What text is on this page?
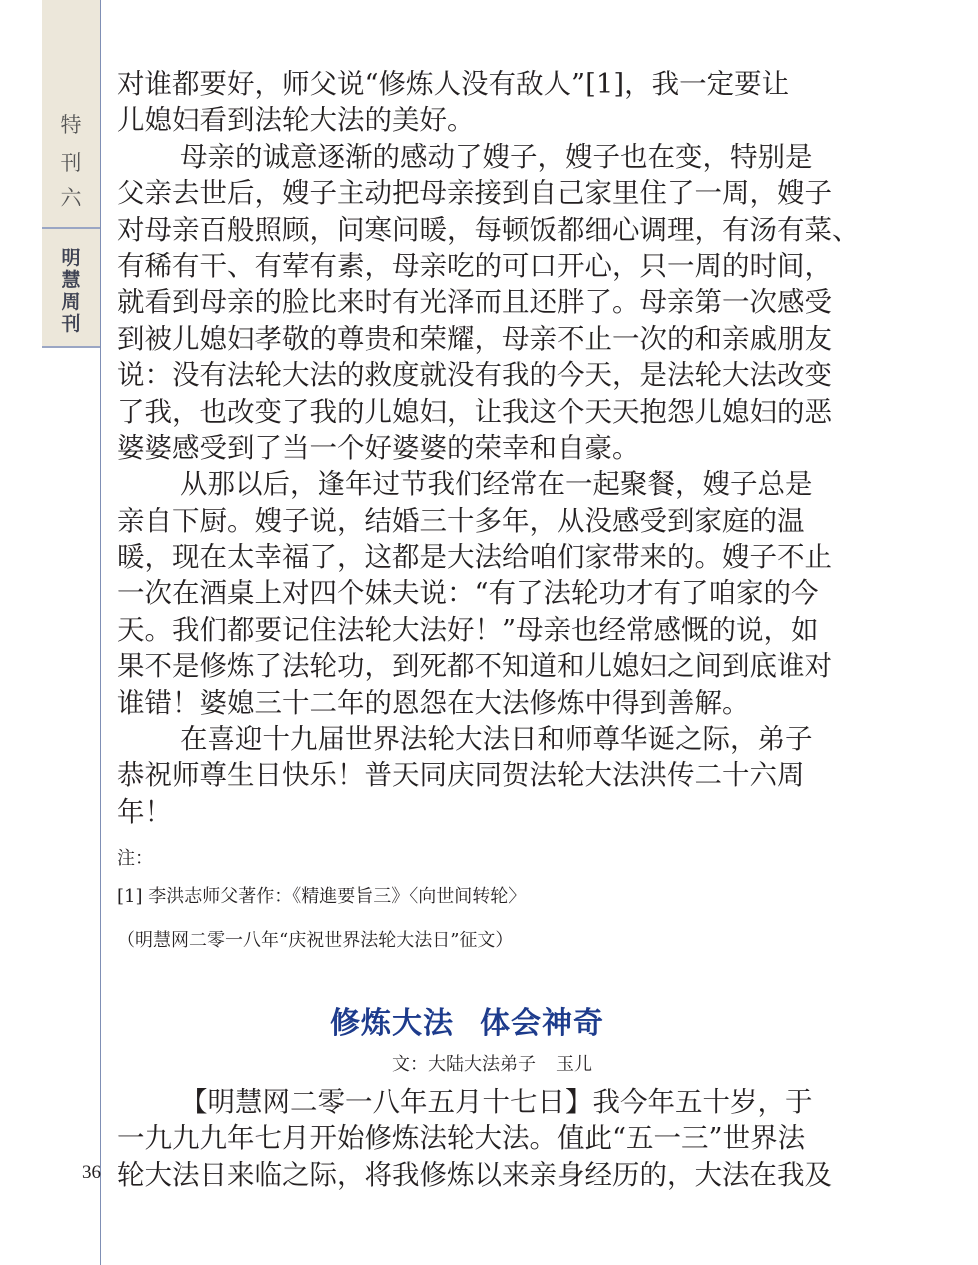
特
刊
六
明
慧
周
刊
对谁都要好，师父说“修炼人没有敌人”[1]，我一定要让
儿媳妇看到法轮大法的美好。
母亲的诚意逐渐的感动了嫂子，嫂子也在变，特别是
父亲去世后，嫂子主动把母亲接到自己家里住了一周，嫂子
对母亲百般照顾，问寒问暖，每顿饭都细心调理，有汤有菜、
有稀有干、有荤有素，母亲吃的可口开心，只一周的时间，
就看到母亲的脸比来时有光泽而且还胖了。母亲第一次感受
到被儿媳妇孝敬的尊贵和荣耀，母亲不止一次的和亲戚朋友
说：没有法轮大法的救度就没有我的今天，是法轮大法改变
了我，也改变了我的儿媳妇，让我这个天天抱怨儿媳妇的恶
婆婆感受到了当一个好婆婆的荣幸和自豪。
从那以后，逢年过节我们经常在一起聚餐，嫂子总是
亲自下厨。嫂子说，结婚三十多年，从没感受到家庭的温
暖，现在太幸福了，这都是大法给咱们家带来的。嫂子不止
一次在酒桌上对四个妹夫说：“有了法轮功才有了咱家的今
天。我们都要记住法轮大法好！”母亲也经常感慨的说，如
果不是修炼了法轮功，到死都不知道和儿媳妇之间到底谁对
谁错！婆媳三十二年的恩怨在大法修炼中得到善解。
在喜迎十九届世界法轮大法日和师尊华诞之际，弟子
恭祝师尊生日快乐！普天同庆同贺法轮大法洪传二十六周
年！
注：
[1] 李洪志师父著作：《精進要旨三》〈向世间转轮〉
（明慧网二零一八年“庆祝世界法轮大法日”征文）
修炼大法 体会神奇
文：大陆大法弟子 玉儿
【明慧网二零一八年五月十七日】我今年五十岁，于
一九九九年七月开始修炼法轮大法。值此“五一三”世界法
轮大法日来临之际，将我修炼以来亲身经历的，大法在我及
36
